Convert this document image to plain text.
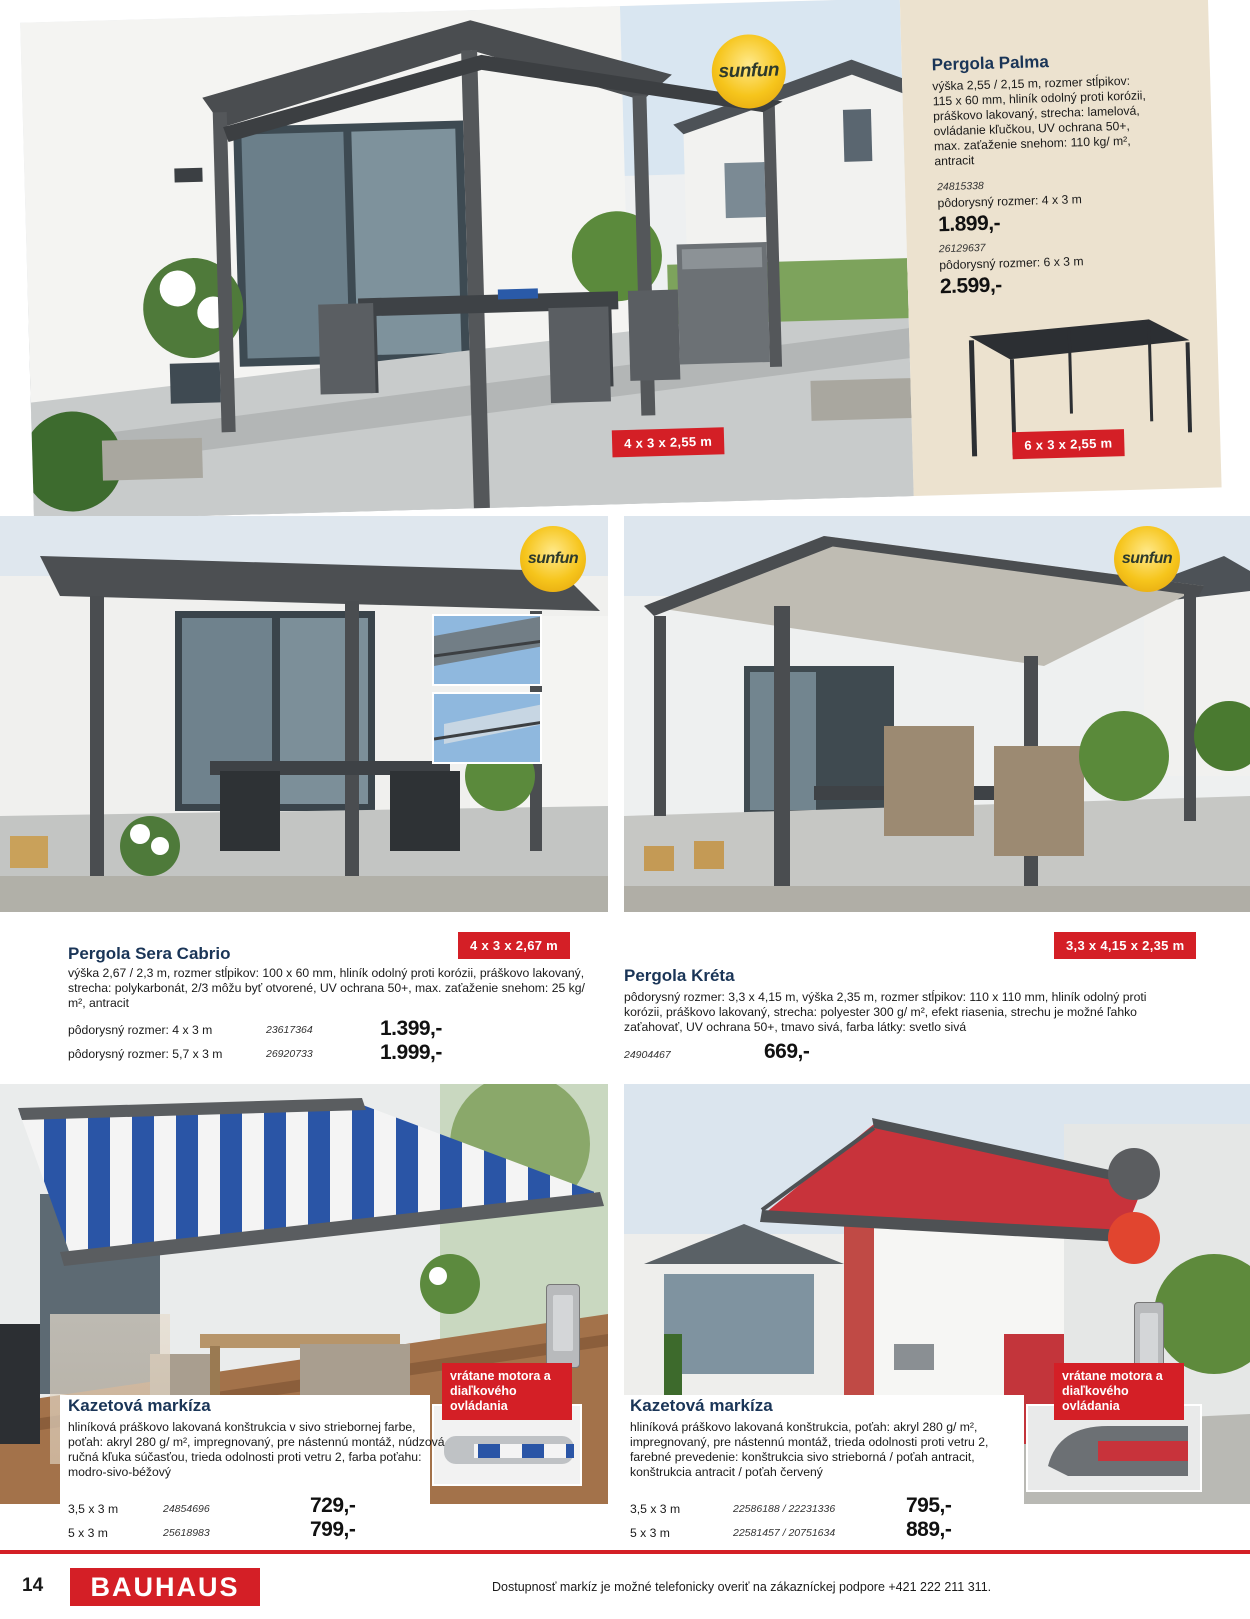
sunfun
4 x 3 x 2,55 m
Pergola Palma

výška 2,55 / 2,15 m, rozmer stĺpikov: 115 x 60 mm, hliník odolný proti korózii, práškovo lakovaný, strecha: lamelová, ovládanie kľučkou, UV ochrana 50+, max. zaťaženie snehom: 110 kg/ m², antracit

24815338
pôdorysný rozmer: 4 x 3 m
1.899,-
26129637
pôdorysný rozmer: 6 x 3 m
2.599,-
6 x 3 x 2,55 m
sunfun
4 x 3 x 2,67 m
Pergola Sera Cabrio

výška 2,67 / 2,3 m, rozmer stĺpikov: 100 x 60 mm, hliník odolný proti korózii, práškovo lakovaný, strecha: polykarbonát, 2/3 môžu byť otvorené, UV ochrana 50+, max. zaťaženie snehom: 25 kg/ m², antracit

pôdorysný rozmer: 4 x 3 m	23617364	1.399,-
pôdorysný rozmer: 5,7 x 3 m	26920733	1.999,-
sunfun
3,3 x 4,15 x 2,35 m
Pergola Kréta

pôdorysný rozmer: 3,3 x 4,15 m, výška 2,35 m, rozmer stĺpikov: 110 x 110 mm, hliník odolný proti korózii, práškovo lakovaný, strecha: polyester 300 g/ m², efekt riasenia, strechu je možné ľahko zaťahovať, UV ochrana 50+, tmavo sivá, farba látky: svetlo sivá

24904467	669,-
vrátane motora a diaľkového ovládania
Kazetová markíza

hliníková práškovo lakovaná konštrukcia v sivo striebornej farbe, poťah: akryl 280 g/ m², impregnovaný, pre nástennú montáž, núdzová ručná kľuka súčasťou, trieda odolnosti proti vetru 2, farba poťahu: modro-sivo-béžový

3,5 x 3 m	24854696	729,-
5 x 3 m	25618983	799,-
vrátane motora a diaľkového ovládania
Kazetová markíza

hliníková práškovo lakovaná konštrukcia, poťah: akryl 280 g/ m², impregnovaný, pre nástennú montáž, trieda odolnosti proti vetru 2, farebné prevedenie: konštrukcia sivo strieborná / poťah antracit, konštrukcia antracit / poťah červený

3,5 x 3 m	22586188 / 22231336	795,-
5 x 3 m	22581457 / 20751634	889,-
14 BAUHAUS	Dostupnosť markíz je možné telefonicky overiť na zákazníckej podpore +421 222 211 311.
